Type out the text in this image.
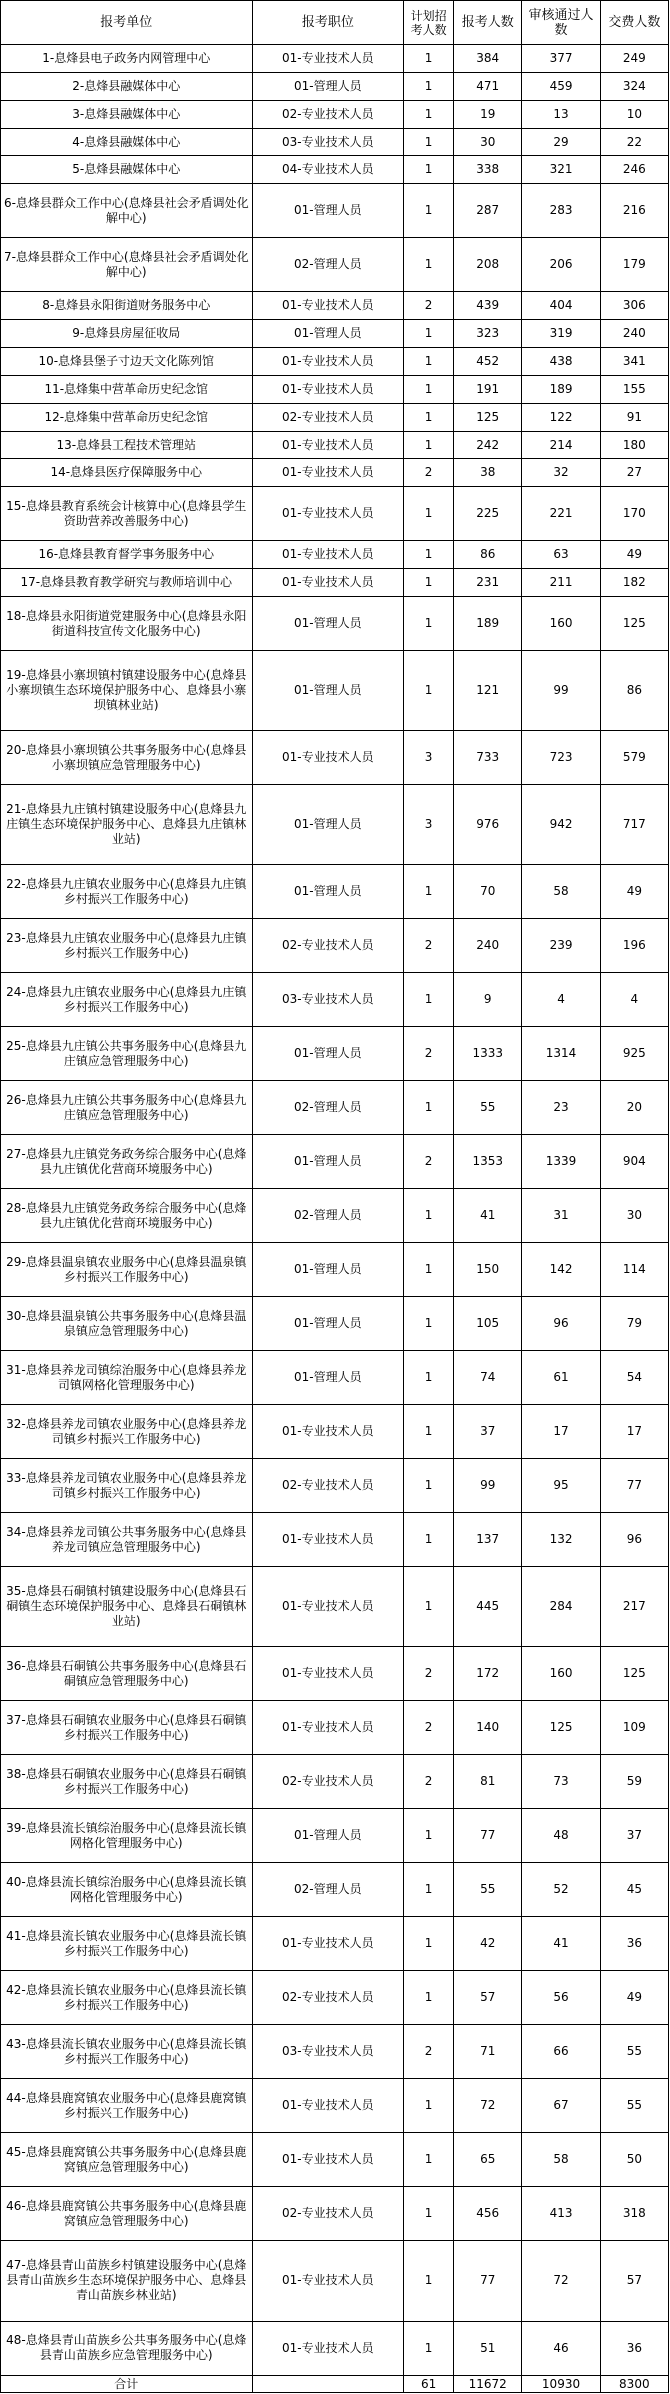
报考单位	报考职位	计划招考人数	报考人数	审核通过人数	交费人数
1-息烽县电子政务内网管理中心	01-专业技术人员	1	384	377	249
2-息烽县融媒体中心	01-管理人员	1	471	459	324
3-息烽县融媒体中心	02-专业技术人员	1	19	13	10
4-息烽县融媒体中心	03-专业技术人员	1	30	29	22
5-息烽县融媒体中心	04-专业技术人员	1	338	321	246
6-息烽县群众工作中心(息烽县社会矛盾调处化解中心)	01-管理人员	1	287	283	216
7-息烽县群众工作中心(息烽县社会矛盾调处化解中心)	02-管理人员	1	208	206	179
8-息烽县永阳街道财务服务中心	01-专业技术人员	2	439	404	306
9-息烽县房屋征收局	01-管理人员	1	323	319	240
10-息烽县堡子寸边天文化陈列馆	01-专业技术人员	1	452	438	341
11-息烽集中营革命历史纪念馆	01-专业技术人员	1	191	189	155
12-息烽集中营革命历史纪念馆	02-专业技术人员	1	125	122	91
13-息烽县工程技术管理站	01-专业技术人员	1	242	214	180
14-息烽县医疗保障服务中心	01-专业技术人员	2	38	32	27
15-息烽县教育系统会计核算中心(息烽县学生资助营养改善服务中心)	01-专业技术人员	1	225	221	170
16-息烽县教育督学事务服务中心	01-专业技术人员	1	86	63	49
17-息烽县教育教学研究与教师培训中心	01-专业技术人员	1	231	211	182
18-息烽县永阳街道党建服务中心(息烽县永阳街道科技宣传文化服务中心)	01-管理人员	1	189	160	125
19-息烽县小寨坝镇村镇建设服务中心(息烽县小寨坝镇生态环境保护服务中心、息烽县小寨坝镇林业站)	01-管理人员	1	121	99	86
20-息烽县小寨坝镇公共事务服务中心(息烽县小寨坝镇应急管理服务中心)	01-专业技术人员	3	733	723	579
21-息烽县九庄镇村镇建设服务中心(息烽县九庄镇生态环境保护服务中心、息烽县九庄镇林业站)	01-管理人员	3	976	942	717
22-息烽县九庄镇农业服务中心(息烽县九庄镇乡村振兴工作服务中心)	01-管理人员	1	70	58	49
23-息烽县九庄镇农业服务中心(息烽县九庄镇乡村振兴工作服务中心)	02-专业技术人员	2	240	239	196
24-息烽县九庄镇农业服务中心(息烽县九庄镇乡村振兴工作服务中心)	03-专业技术人员	1	9	4	4
25-息烽县九庄镇公共事务服务中心(息烽县九庄镇应急管理服务中心)	01-管理人员	2	1333	1314	925
26-息烽县九庄镇公共事务服务中心(息烽县九庄镇应急管理服务中心)	02-管理人员	1	55	23	20
27-息烽县九庄镇党务政务综合服务中心(息烽县九庄镇优化营商环境服务中心)	01-管理人员	2	1353	1339	904
28-息烽县九庄镇党务政务综合服务中心(息烽县九庄镇优化营商环境服务中心)	02-管理人员	1	41	31	30
29-息烽县温泉镇农业服务中心(息烽县温泉镇乡村振兴工作服务中心)	01-管理人员	1	150	142	114
30-息烽县温泉镇公共事务服务中心(息烽县温泉镇应急管理服务中心)	01-管理人员	1	105	96	79
31-息烽县养龙司镇综治服务中心(息烽县养龙司镇网格化管理服务中心)	01-管理人员	1	74	61	54
32-息烽县养龙司镇农业服务中心(息烽县养龙司镇乡村振兴工作服务中心)	01-专业技术人员	1	37	17	17
33-息烽县养龙司镇农业服务中心(息烽县养龙司镇乡村振兴工作服务中心)	02-专业技术人员	1	99	95	77
34-息烽县养龙司镇公共事务服务中心(息烽县养龙司镇应急管理服务中心)	01-专业技术人员	1	137	132	96
35-息烽县石硐镇村镇建设服务中心(息烽县石硐镇生态环境保护服务中心、息烽县石硐镇林业站)	01-专业技术人员	1	445	284	217
36-息烽县石硐镇公共事务服务中心(息烽县石硐镇应急管理服务中心)	01-专业技术人员	2	172	160	125
37-息烽县石硐镇农业服务中心(息烽县石硐镇乡村振兴工作服务中心)	01-专业技术人员	2	140	125	109
38-息烽县石硐镇农业服务中心(息烽县石硐镇乡村振兴工作服务中心)	02-专业技术人员	2	81	73	59
39-息烽县流长镇综治服务中心(息烽县流长镇网格化管理服务中心)	01-管理人员	1	77	48	37
40-息烽县流长镇综治服务中心(息烽县流长镇网格化管理服务中心)	02-管理人员	1	55	52	45
41-息烽县流长镇农业服务中心(息烽县流长镇乡村振兴工作服务中心)	01-专业技术人员	1	42	41	36
42-息烽县流长镇农业服务中心(息烽县流长镇乡村振兴工作服务中心)	02-专业技术人员	1	57	56	49
43-息烽县流长镇农业服务中心(息烽县流长镇乡村振兴工作服务中心)	03-专业技术人员	2	71	66	55
44-息烽县鹿窝镇农业服务中心(息烽县鹿窝镇乡村振兴工作服务中心)	01-专业技术人员	1	72	67	55
45-息烽县鹿窝镇公共事务服务中心(息烽县鹿窝镇应急管理服务中心)	01-专业技术人员	1	65	58	50
46-息烽县鹿窝镇公共事务服务中心(息烽县鹿窝镇应急管理服务中心)	02-专业技术人员	1	456	413	318
47-息烽县青山苗族乡村镇建设服务中心(息烽县青山苗族乡生态环境保护服务中心、息烽县青山苗族乡林业站)	01-专业技术人员	1	77	72	57
48-息烽县青山苗族乡公共事务服务中心(息烽县青山苗族乡应急管理服务中心)	01-专业技术人员	1	51	46	36
合计		61	11672	10930	8300
